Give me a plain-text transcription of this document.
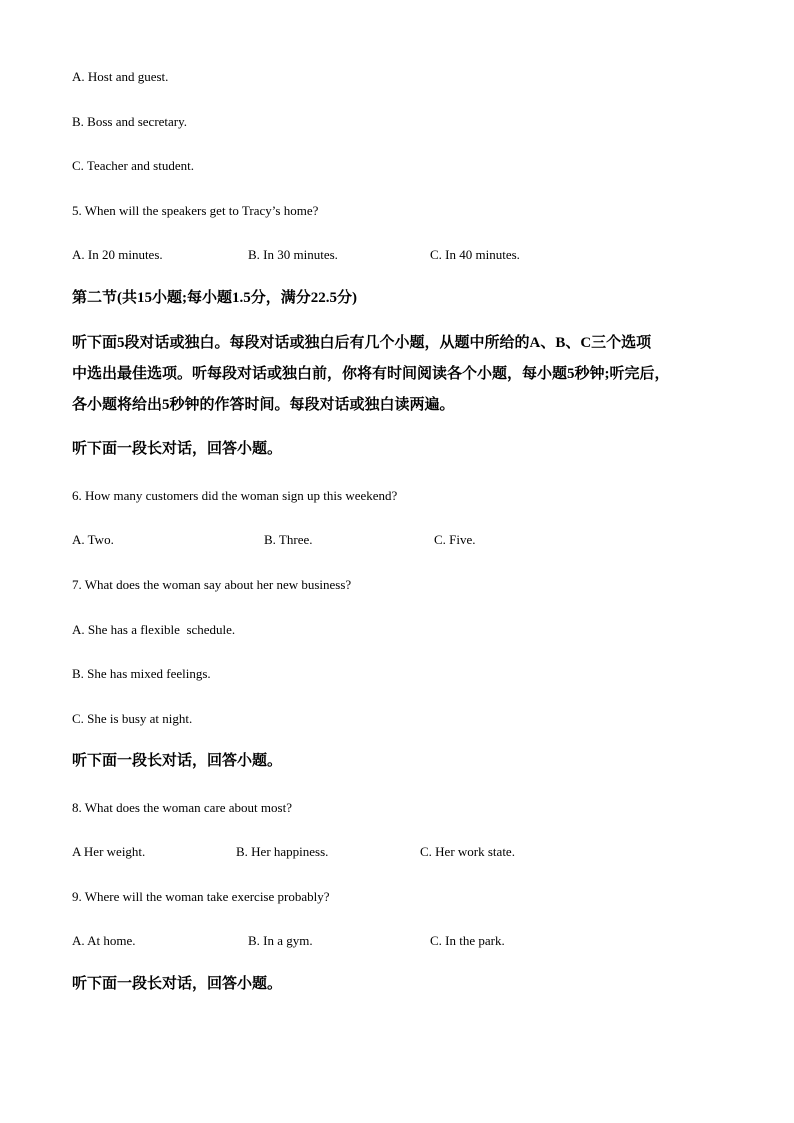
A. Host and guest.
B. Boss and secretary.
C. Teacher and student.
5. When will the speakers get to Tracy’s home?
A. In 20 minutes.	B. In 30 minutes.	C. In 40 minutes.
第二节(共15小题;每小题1.5分，满分22.5分)
听下面5段对话或独白。每段对话或独白后有几个小题，从题中所给的A、B、C三个选项
中选出最佳选项。听每段对话或独白前，你将有时间阅读各个小题，每小题5秒钟;听完后，
各小题将给出5秒钟的作答时间。每段对话或独白读两遍。
听下面一段长对话，回答小题。
6. How many customers did the woman sign up this weekend?
A. Two.	B. Three.	C. Five.
7. What does the woman say about her new business?
A. She has a flexible  schedule.
B. She has mixed feelings.
C. She is busy at night.
听下面一段长对话，回答小题。
8. What does the woman care about most?
A Her weight.	B. Her happiness.	C. Her work state.
9. Where will the woman take exercise probably?
A. At home.	B. In a gym.	C. In the park.
听下面一段长对话，回答小题。
